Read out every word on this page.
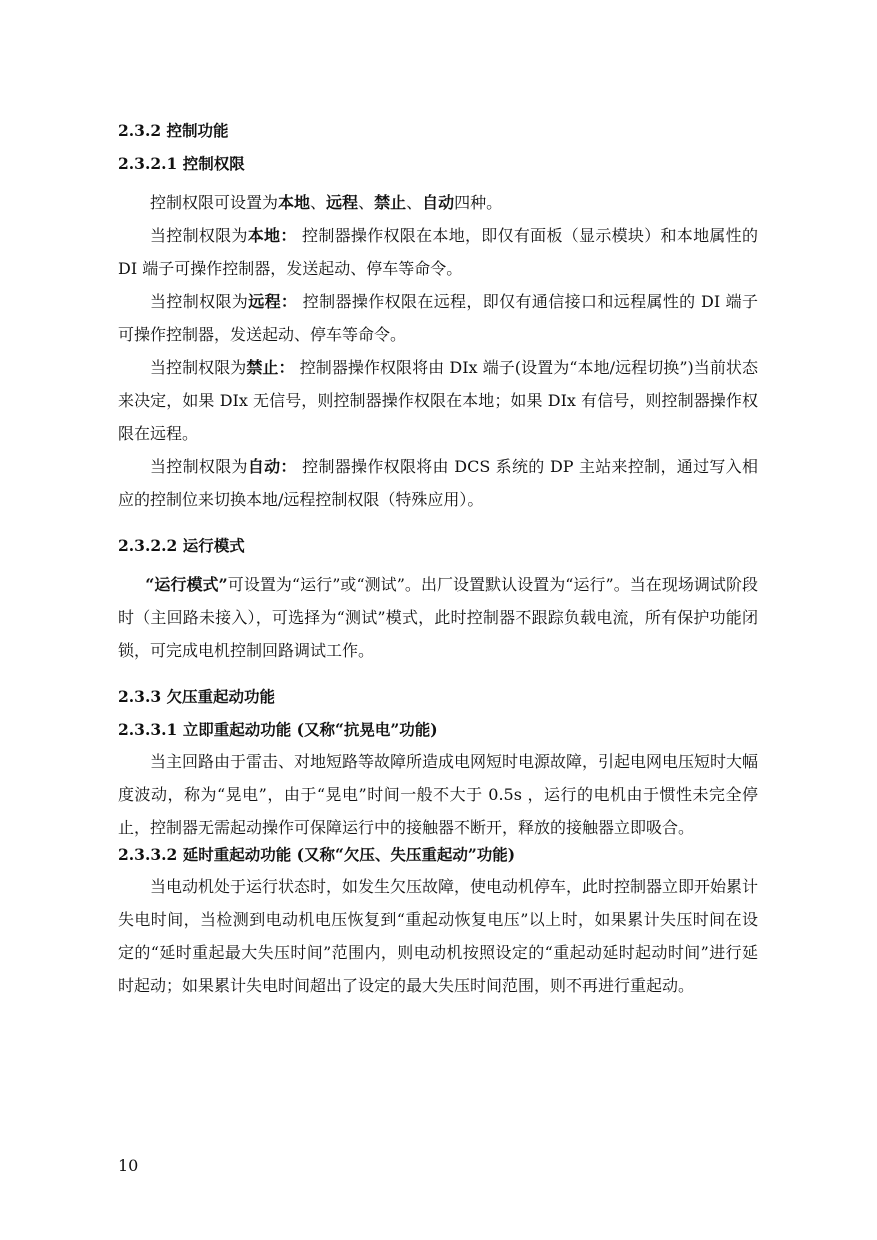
2.3.2 控制功能

2.3.2.1 控制权限

控制权限可设置为本地、远程、禁止、自动四种。

当控制权限为本地： 控制器操作权限在本地，即仅有面板（显示模块）和本地属性的 DI 端子可操作控制器，发送起动、停车等命令。

当控制权限为远程： 控制器操作权限在远程，即仅有通信接口和远程属性的 DI 端子可操作控制器，发送起动、停车等命令。

当控制权限为禁止： 控制器操作权限将由 DIx 端子(设置为“本地/远程切换”)当前状态来决定，如果 DIx 无信号，则控制器操作权限在本地；如果 DIx 有信号，则控制器操作权限在远程。

当控制权限为自动： 控制器操作权限将由 DCS 系统的 DP 主站来控制，通过写入相应的控制位来切换本地/远程控制权限（特殊应用）。

2.3.2.2 运行模式

“运行模式”可设置为“运行”或“测试”。出厂设置默认设置为“运行”。当在现场调试阶段时（主回路未接入），可选择为“测试”模式，此时控制器不跟踪负载电流，所有保护功能闭锁，可完成电机控制回路调试工作。

2.3.3 欠压重起动功能

2.3.3.1 立即重起动功能 (又称“抗晃电”功能)

当主回路由于雷击、对地短路等故障所造成电网短时电源故障，引起电网电压短时大幅度波动，称为“晃电”，由于“晃电”时间一般不大于 0.5s ，运行的电机由于惯性未完全停止，控制器无需起动操作可保障运行中的接触器不断开，释放的接触器立即吸合。

2.3.3.2 延时重起动功能 (又称“欠压、失压重起动”功能)

当电动机处于运行状态时，如发生欠压故障，使电动机停车，此时控制器立即开始累计失电时间，当检测到电动机电压恢复到“重起动恢复电压”以上时，如果累计失压时间在设定的“延时重起最大失压时间”范围内，则电动机按照设定的“重起动延时起动时间”进行延时起动；如果累计失电时间超出了设定的最大失压时间范围，则不再进行重起动。

10
